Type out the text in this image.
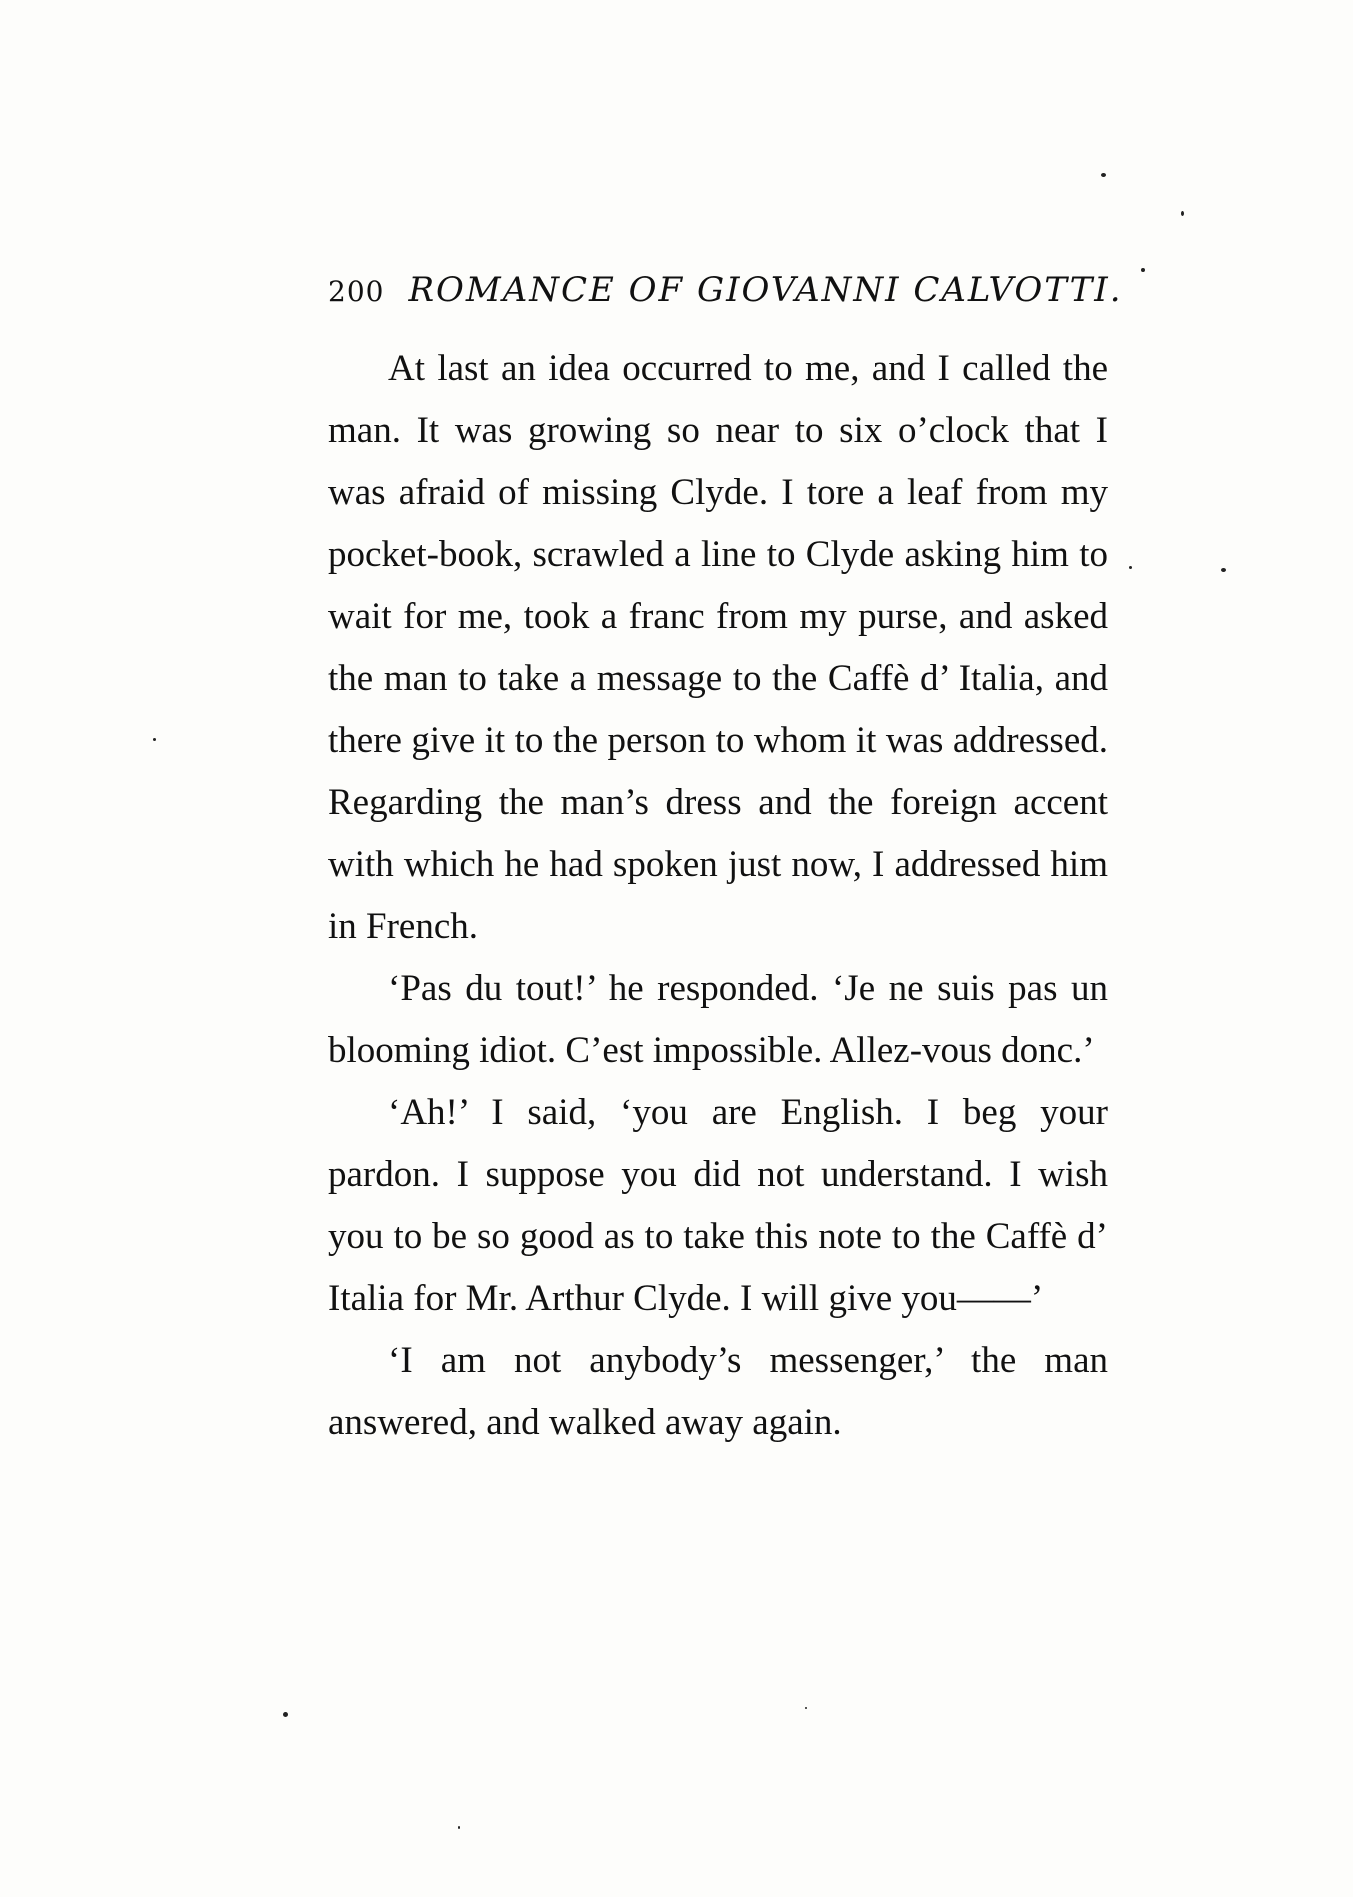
200 ROMANCE OF GIOVANNI CALVOTTI.

At last an idea occurred to me, and I called the man. It was growing so near to six o’clock that I was afraid of missing Clyde. I tore a leaf from my pocket-book, scrawled a line to Clyde asking him to wait for me, took a franc from my purse, and asked the man to take a message to the Caffè d’ Italia, and there give it to the person to whom it was addressed. Regarding the man’s dress and the foreign accent with which he had spoken just now, I addressed him in French.

‘Pas du tout!’ he responded. ‘Je ne suis pas un blooming idiot. C’est impossible. Allez-vous donc.’

‘Ah!’ I said, ‘you are English. I beg your pardon. I suppose you did not understand. I wish you to be so good as to take this note to the Caffè d’ Italia for Mr. Arthur Clyde. I will give you——’

‘I am not anybody’s messenger,’ the man answered, and walked away again.
